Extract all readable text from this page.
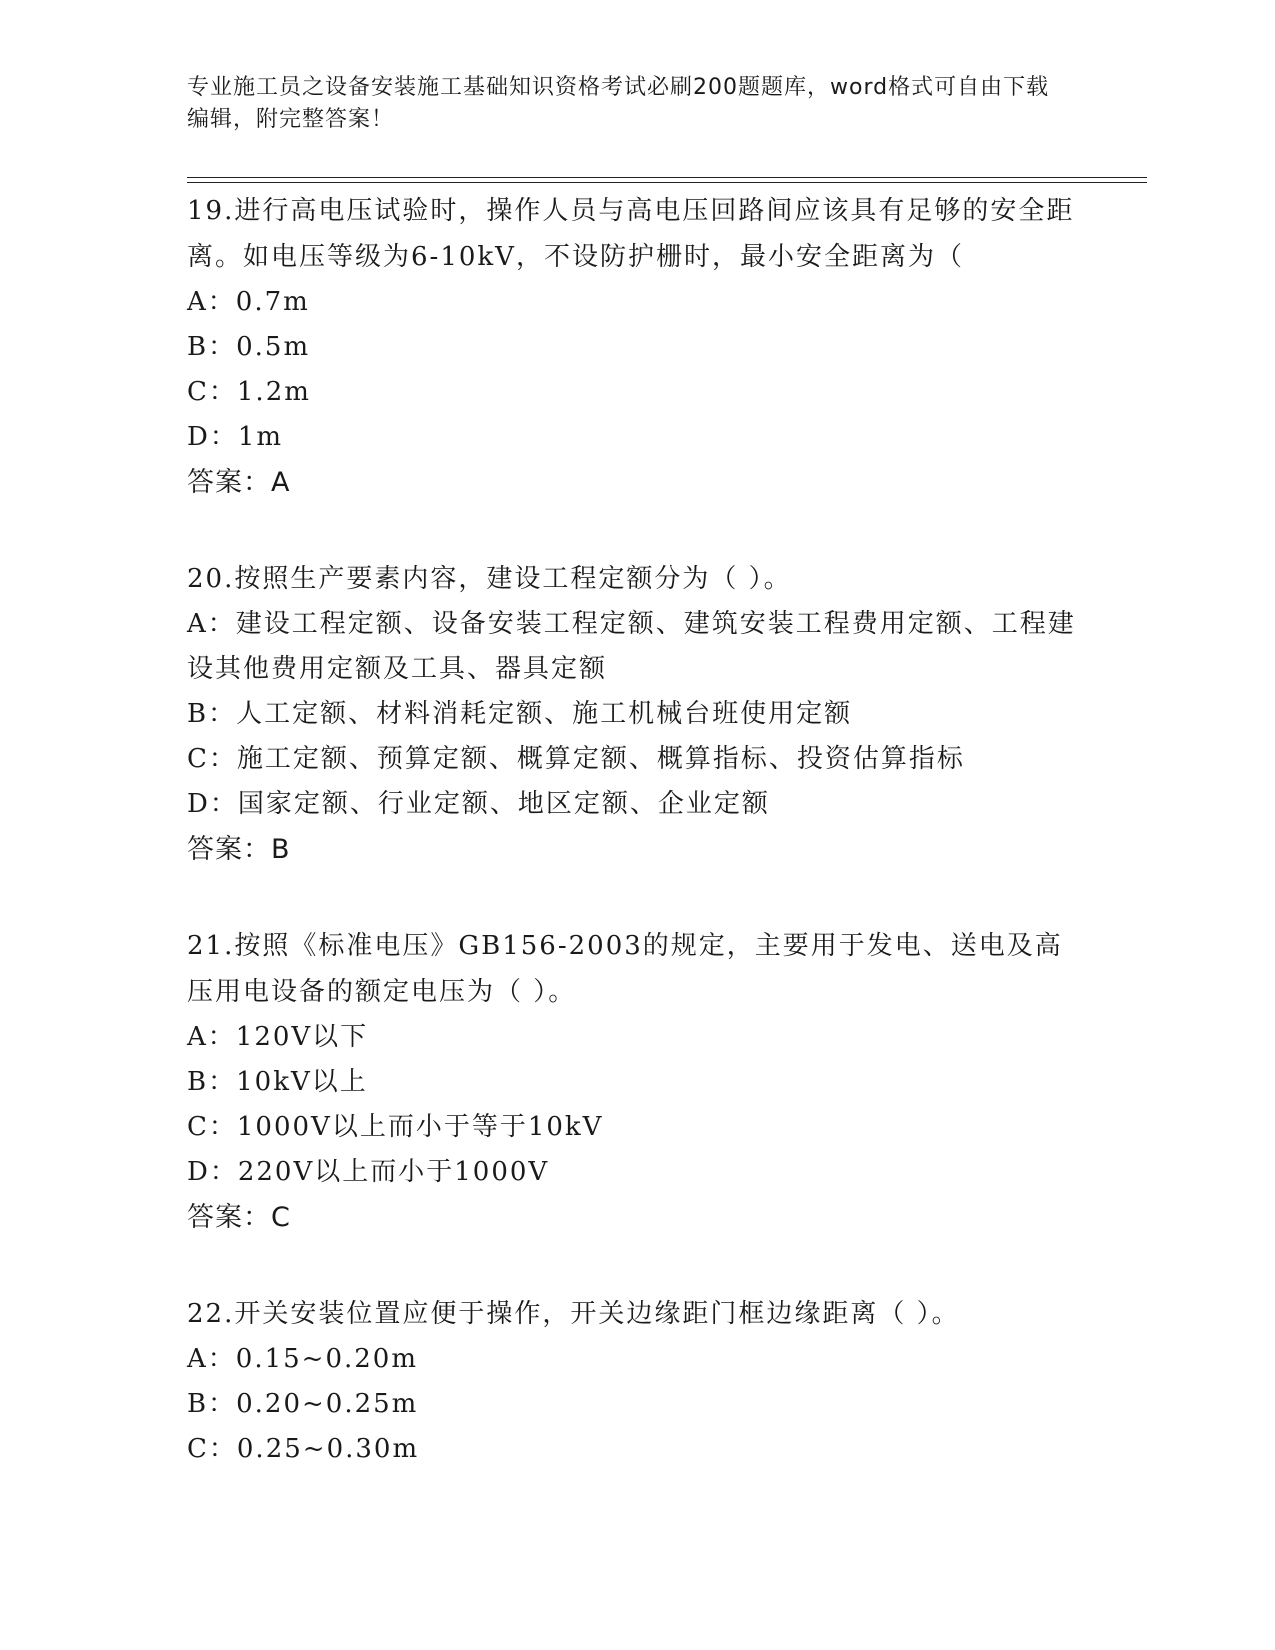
专业施工员之设备安装施工基础知识资格考试必刷200题题库，word格式可自由下载编辑，附完整答案！

19.进行高电压试验时，操作人员与高电压回路间应该具有足够的安全距离。如电压等级为6-10kV，不设防护栅时，最小安全距离为（

A：0.7m

B：0.5m

C：1.2m

D：1m

答案：A

20.按照生产要素内容，建设工程定额分为（ ）。

A：建设工程定额、设备安装工程定额、建筑安装工程费用定额、工程建设其他费用定额及工具、器具定额

B：人工定额、材料消耗定额、施工机械台班使用定额

C：施工定额、预算定额、概算定额、概算指标、投资估算指标

D：国家定额、行业定额、地区定额、企业定额

答案：B

21.按照《标准电压》GB156-2003的规定，主要用于发电、送电及高压用电设备的额定电压为（ ）。

A：120V以下

B：10kV以上

C：1000V以上而小于等于10kV

D：220V以上而小于1000V

答案：C

22.开关安装位置应便于操作，开关边缘距门框边缘距离（ ）。

A：0.15~0.20m

B：0.20~0.25m

C：0.25~0.30m
